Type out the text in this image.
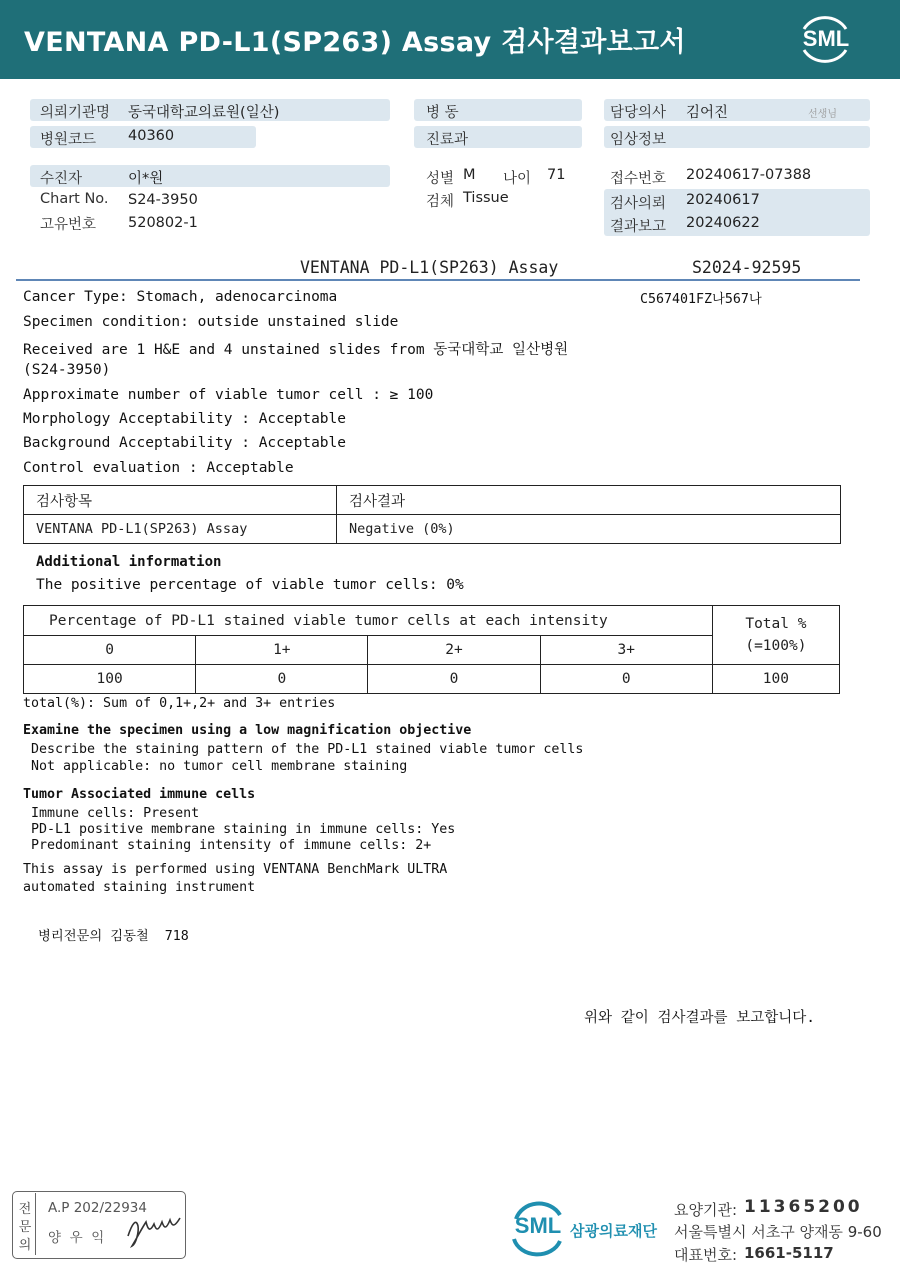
VENTANA PD-L1(SP263) Assay 검사결과보고서	SML
의뢰기관명 동국대학교의료원(일산)
병원코드 40360
병 동
진료과
담당의사 김어진	선생님
임상정보
수진자	이*원
Chart No. S24-3950
고유번호 520802-1
성별 M 나이 71
검체 Tissue
접수번호 20240617-07388
검사의뢰 20240617
결과보고 20240622
VENTANA PD-L1(SP263) Assay	S2024-92595
C567401FZ나567나
Cancer Type: Stomach, adenocarcinoma
Specimen condition: outside unstained slide
Received are 1 H&E and 4 unstained slides from 동국대학교 일산병원
(S24-3950)
Approximate number of viable tumor cell : ≥ 100
Morphology Acceptability : Acceptable
Background Acceptability : Acceptable
Control evaluation : Acceptable
검사항목	검사결과
VENTANA PD-L1(SP263) Assay	Negative (0%)
Additional information
The positive percentage of viable tumor cells: 0%
Percentage of PD-L1 stained viable tumor cells at each intensity				Total %
(=100%)

0	1+	2+	3+	
100	0	0	0	100
total(%): Sum of 0,1+,2+ and 3+ entries
Examine the specimen using a low magnification objective
Describe the staining pattern of the PD-L1 stained viable tumor cells
Not applicable: no tumor cell membrane staining
Tumor Associated immune cells
Immune cells: Present
PD-L1 positive membrane staining in immune cells: Yes
Predominant staining intensity of immune cells: 2+
This assay is performed using VENTANA BenchMark ULTRA
automated staining instrument
병리전문의 김동철  718
위와 같이 검사결과를 보고합니다.
전
문
의
A.P 202/22934
양  우  익	SML 삼광의료재단
요양기관: 11365200
서울특별시 서초구 양재동 9-60
대표번호: 1661-5117
